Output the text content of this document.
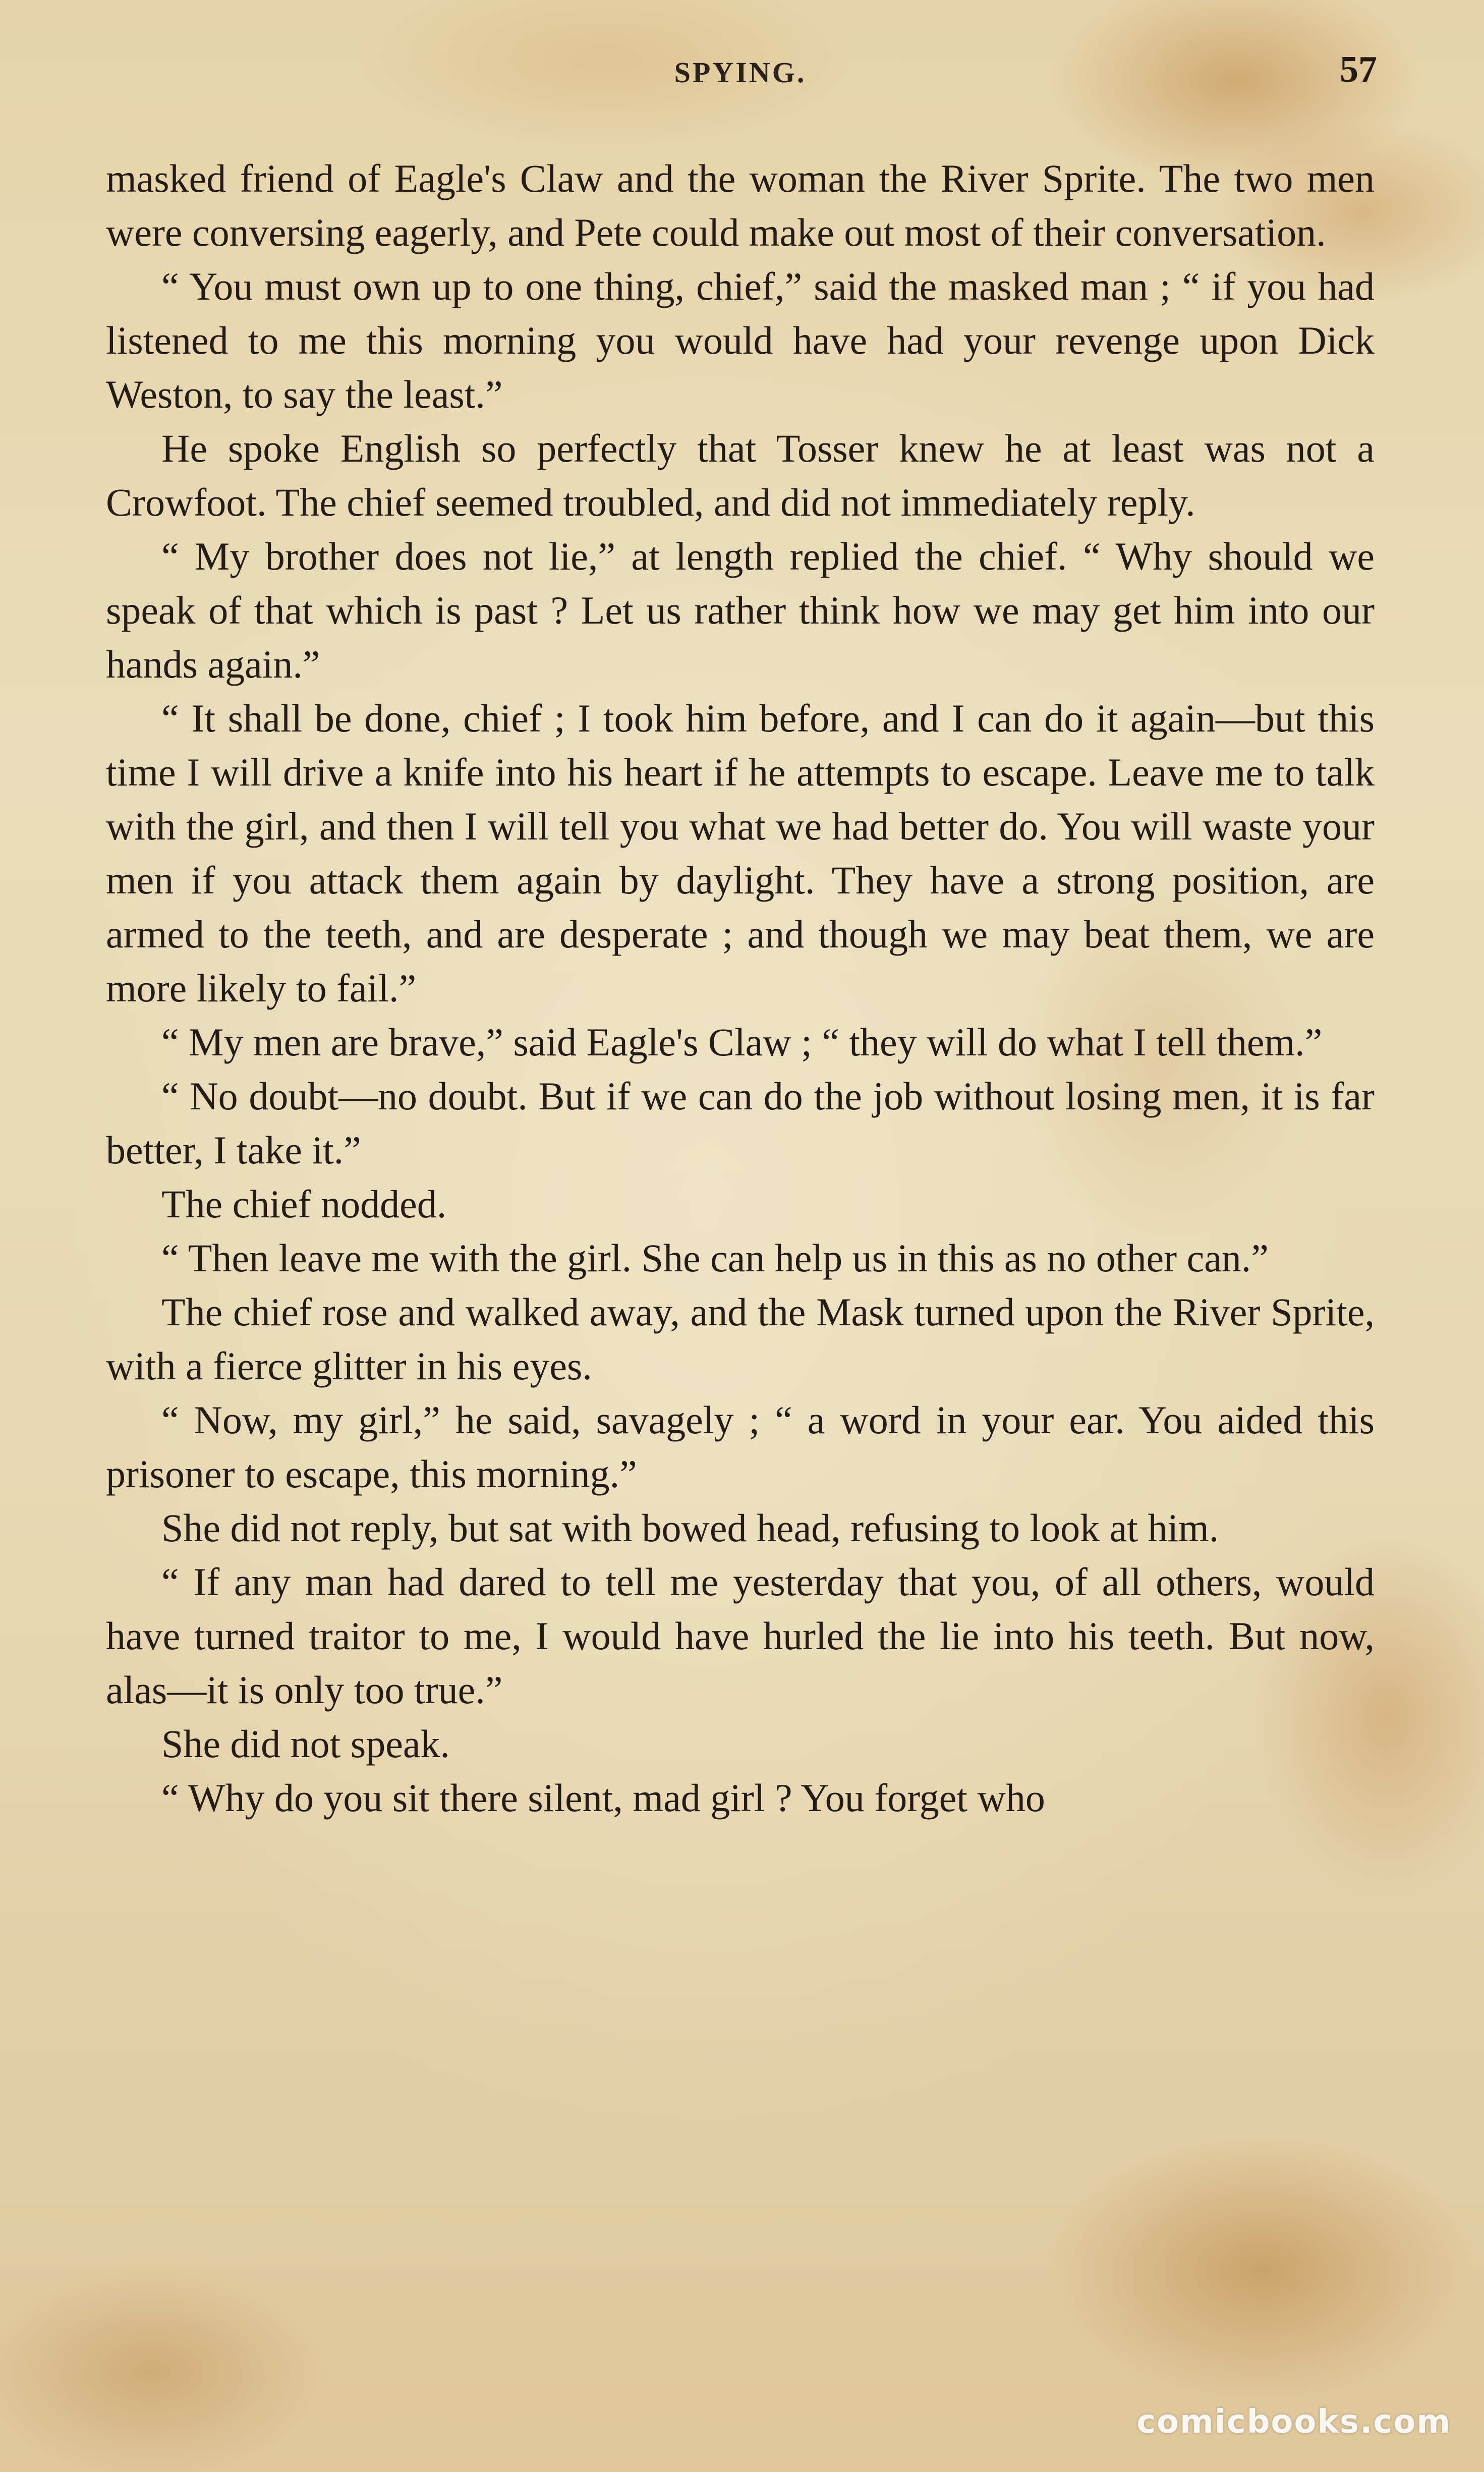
SPYING.	57

masked friend of Eagle's Claw and the woman the River Sprite. The two men were conversing eagerly, and Pete could make out most of their conversation.

“ You must own up to one thing, chief,” said the masked man ; “ if you had listened to me this morning you would have had your revenge upon Dick Weston, to say the least.”

He spoke English so perfectly that Tosser knew he at least was not a Crowfoot. The chief seemed troubled, and did not immediately reply.

“ My brother does not lie,” at length replied the chief. “ Why should we speak of that which is past ? Let us rather think how we may get him into our hands again.”

“ It shall be done, chief ; I took him before, and I can do it again—but this time I will drive a knife into his heart if he attempts to escape. Leave me to talk with the girl, and then I will tell you what we had better do. You will waste your men if you attack them again by daylight. They have a strong position, are armed to the teeth, and are desperate ; and though we may beat them, we are more likely to fail.”

“ My men are brave,” said Eagle's Claw ; “ they will do what I tell them.”

“ No doubt—no doubt. But if we can do the job without losing men, it is far better, I take it.”

The chief nodded.

“ Then leave me with the girl. She can help us in this as no other can.”

The chief rose and walked away, and the Mask turned upon the River Sprite, with a fierce glitter in his eyes.

“ Now, my girl,” he said, savagely ; “ a word in your ear. You aided this prisoner to escape, this morning.”

She did not reply, but sat with bowed head, refusing to look at him.

“ If any man had dared to tell me yesterday that you, of all others, would have turned traitor to me, I would have hurled the lie into his teeth. But now, alas—it is only too true.”

She did not speak.

“ Why do you sit there silent, mad girl ? You forget who

comicbooks.com
